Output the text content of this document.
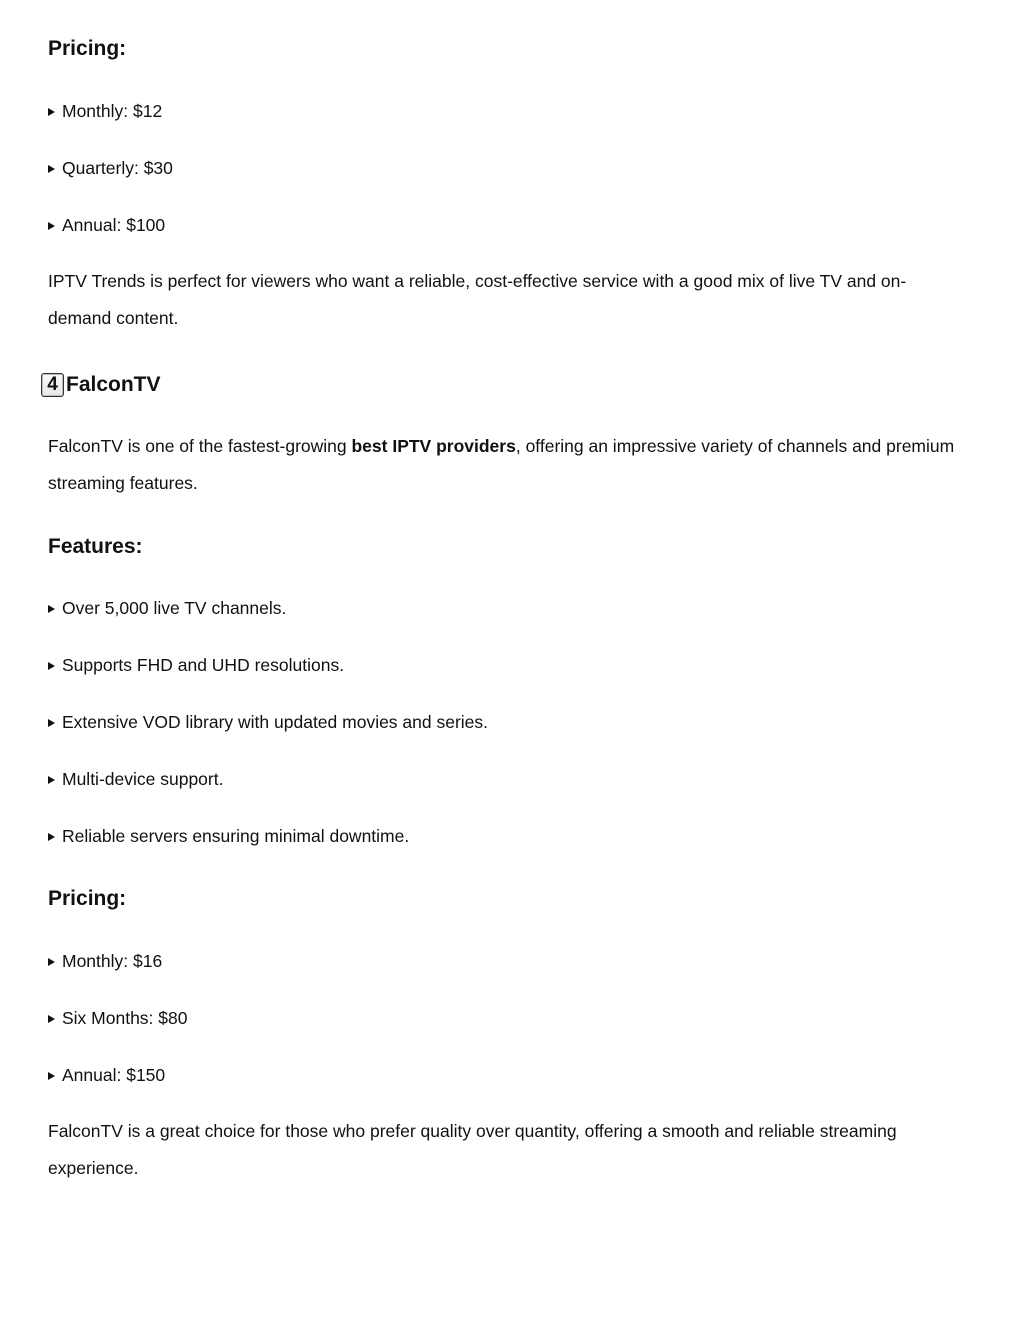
Pricing:
Monthly: $12
Quarterly: $30
Annual: $100

IPTV Trends is perfect for viewers who want a reliable, cost-effective service with a good mix of live TV and on-demand content.

4 FalconTV

FalconTV is one of the fastest-growing best IPTV providers, offering an impressive variety of channels and premium streaming features.

Features:
Over 5,000 live TV channels.
Supports FHD and UHD resolutions.
Extensive VOD library with updated movies and series.
Multi-device support.
Reliable servers ensuring minimal downtime.
Pricing:
Monthly: $16
Six Months: $80
Annual: $150

FalconTV is a great choice for those who prefer quality over quantity, offering a smooth and reliable streaming experience.
